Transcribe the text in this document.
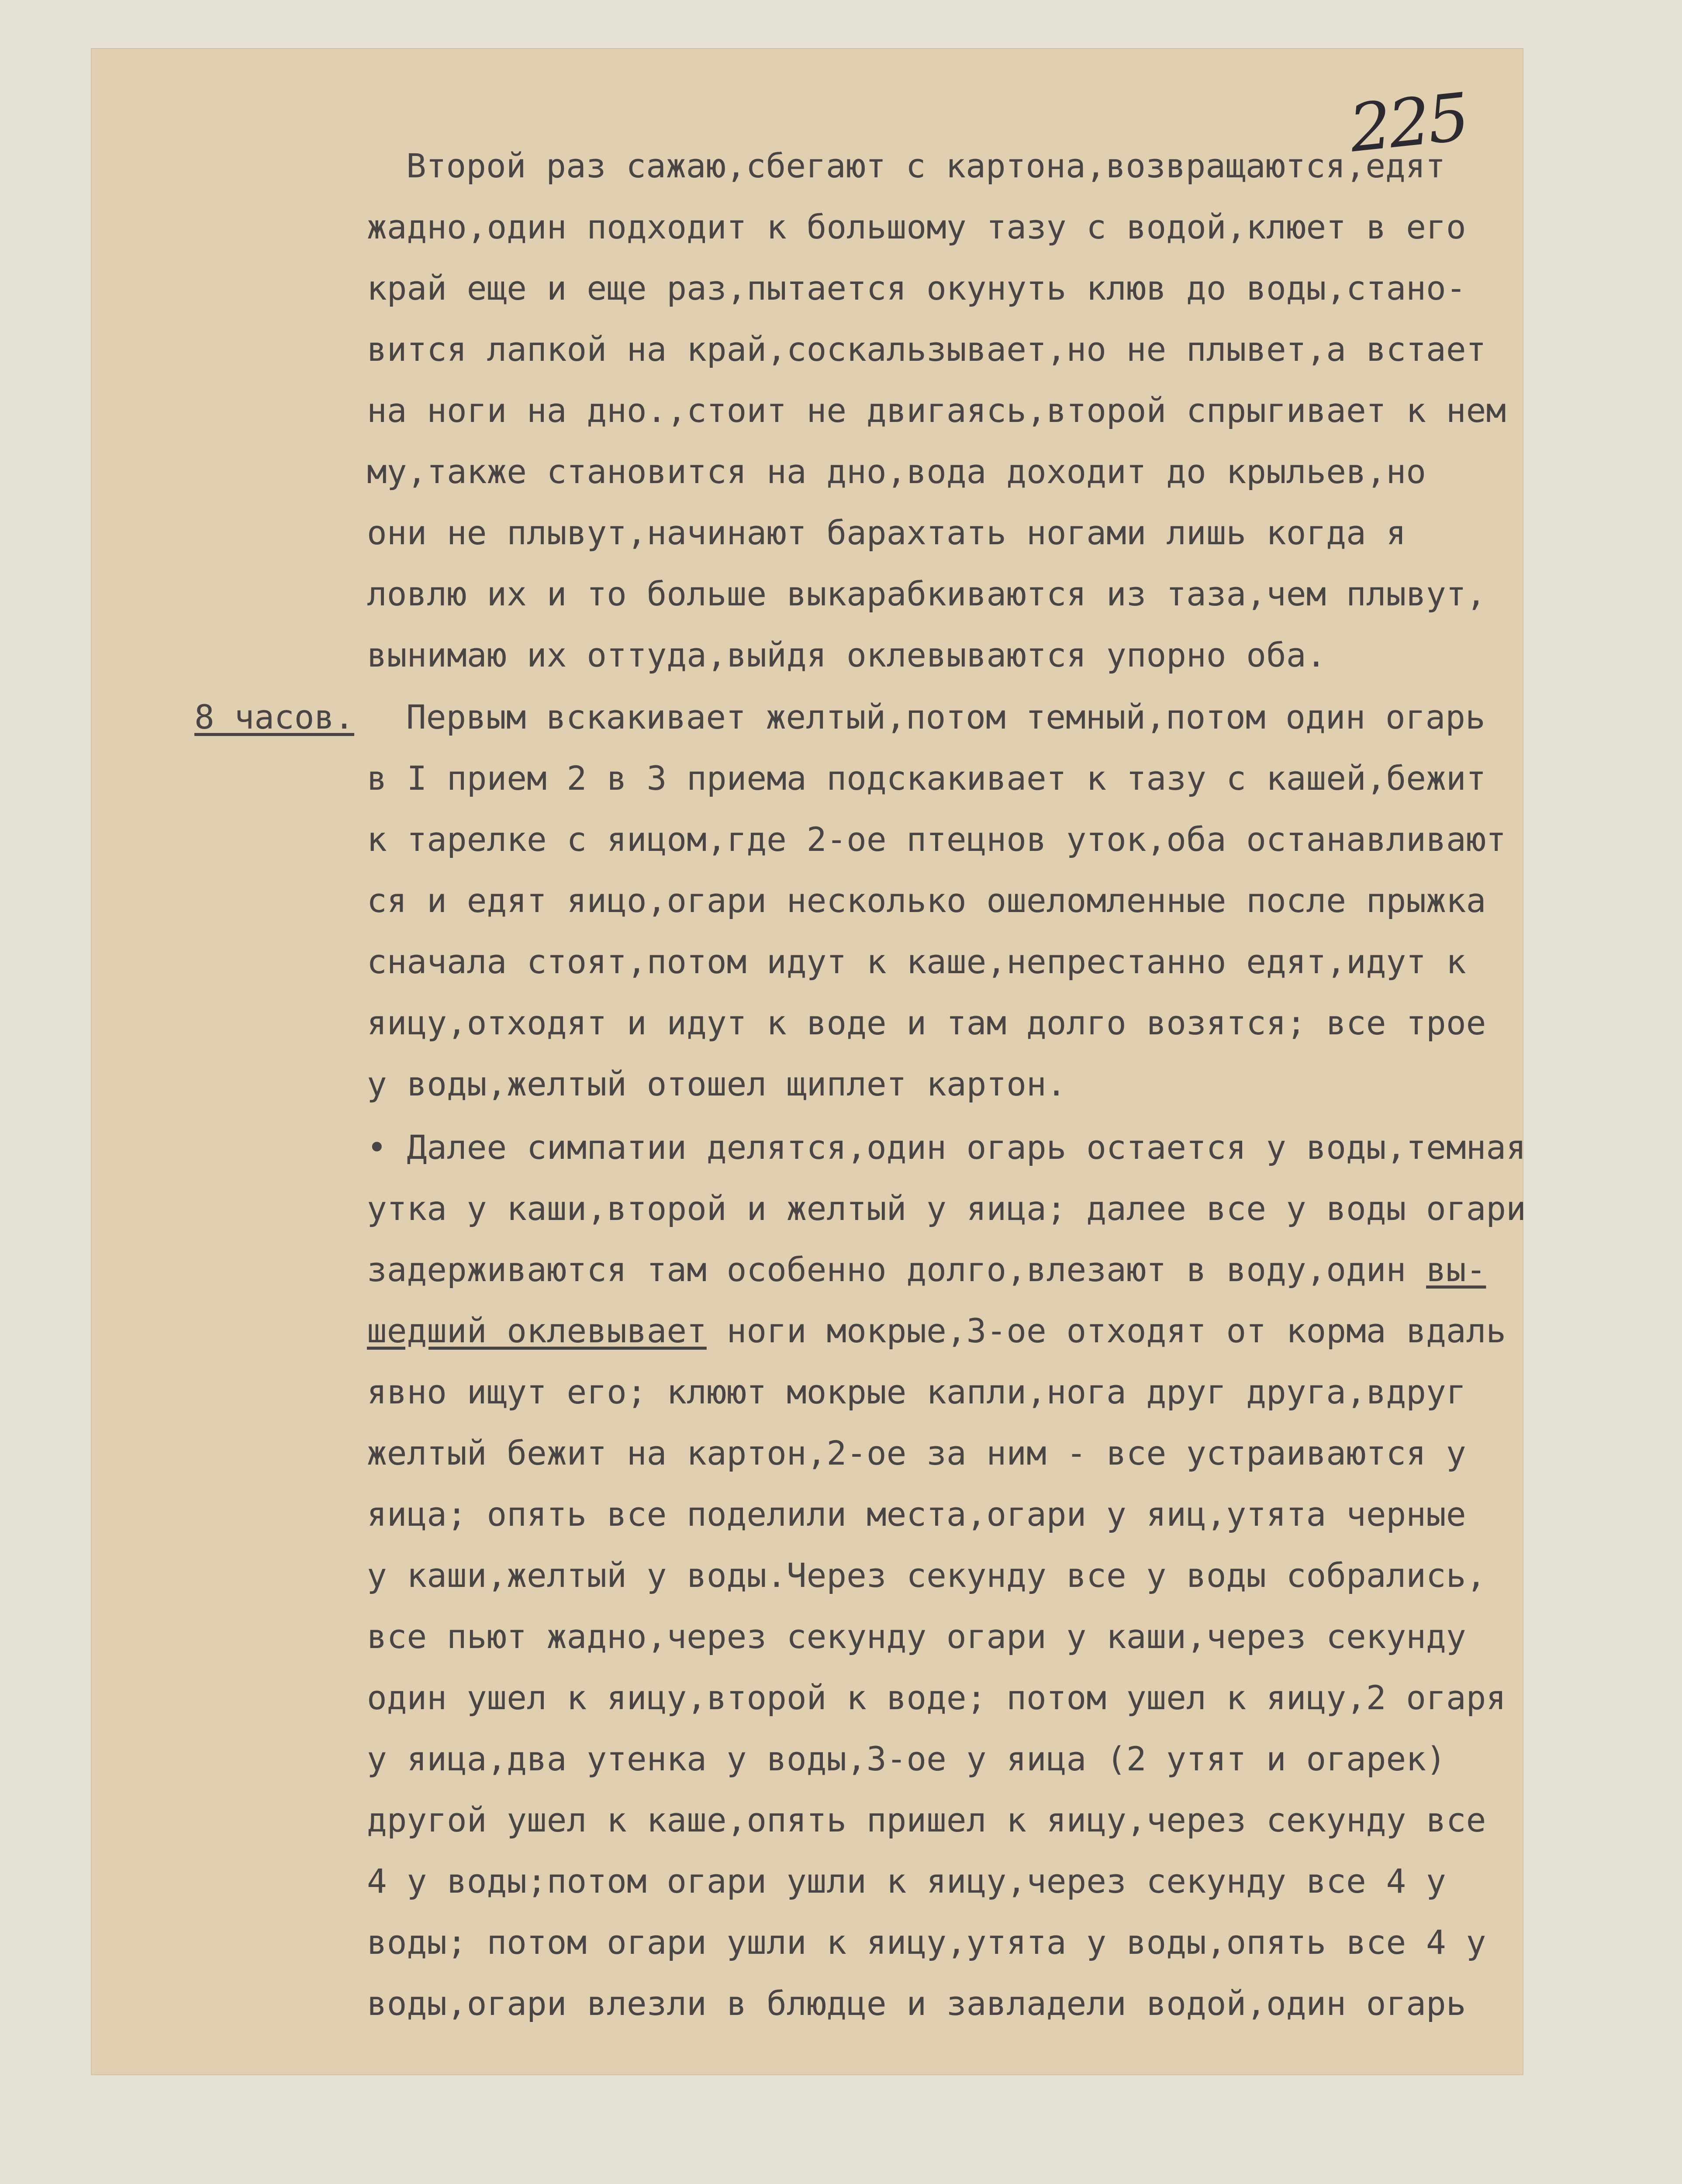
225
8 часов.
Второй раз сажаю,сбегают с картона,возвращаются,едят
жадно,один подходит к большому тазу с водой,клюет в его
край еще и еще раз,пытается окунуть клюв до воды,стано-
вится лапкой на край,соскальзывает,но не плывет,а встает
на ноги на дно.,стоит не двигаясь,второй спрыгивает к нем
му,также становится на дно,вода доходит до крыльев,но
они не плывут,начинают барахтать ногами лишь когда я
ловлю их и то больше выкарабкиваются из таза,чем плывут,
вынимаю их оттуда,выйдя оклевываются упорно оба.
Первым вскакивает желтый,потом темный,потом один огарь
в I прием 2 в 3 приема подскакивает к тазу с кашей,бежит
к тарелке с яицом,где 2-ое птецнов уток,оба останавливают
ся и едят яицо,огари несколько ошеломленные после прыжка
сначала стоят,потом идут к каше,непрестанно едят,идут к
яицу,отходят и идут к воде и там долго возятся; все трое
у воды,желтый отошел щиплет картон.
• Далее симпатии делятся,один огарь остается у воды,темная
утка у каши,второй и желтый у яица; далее все у воды огари
задерживаются там особенно долго,влезают в воду,один вы-
шедший оклевывает ноги мокрые,3-ое отходят от корма вдаль
явно ищут его; клюют мокрые капли,нога друг друга,вдруг
желтый бежит на картон,2-ое за ним - все устраиваются у
яица; опять все поделили места,огари у яиц,утята черные
у каши,желтый у воды.Через секунду все у воды собрались,
все пьют жадно,через секунду огари у каши,через секунду
один ушел к яицу,второй к воде; потом ушел к яицу,2 огаря
у яица,два утенка у воды,3-ое у яица (2 утят и огарек)
другой ушел к каше,опять пришел к яицу,через секунду все
4 у воды;потом огари ушли к яицу,через секунду все 4 у
воды; потом огари ушли к яицу,утята у воды,опять все 4 у
воды,огари влезли в блюдце и завладели водой,один огарь
